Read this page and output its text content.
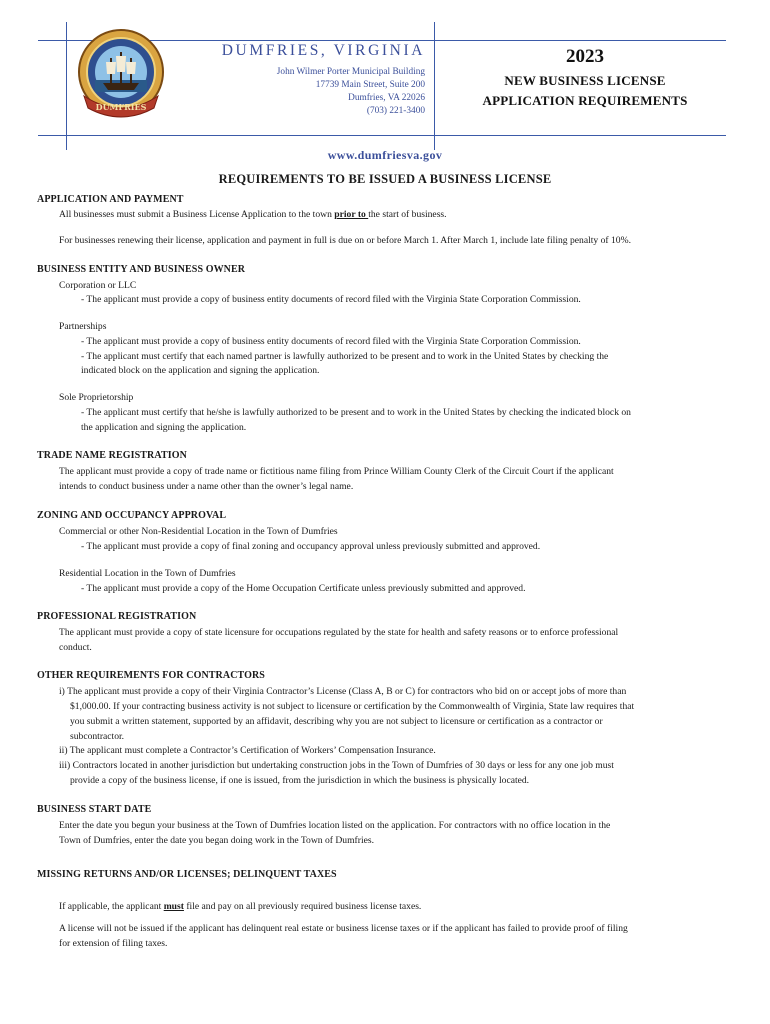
DUMFRIES
DUMFRIES, VIRGINIA
John Wilmer Porter Municipal Building
17739 Main Street, Suite 200
Dumfries, VA 22026
(703) 221-3400
2023
NEW BUSINESS LICENSE
APPLICATION REQUIREMENTS
www.dumfriesva.gov
REQUIREMENTS TO BE ISSUED A BUSINESS LICENSE
APPLICATION AND PAYMENT
All businesses must submit a Business License Application to the town prior to the start of business.
For businesses renewing their license, application and payment in full is due on or before March 1. After March 1, include late filing penalty of 10%.
BUSINESS ENTITY AND BUSINESS OWNER
Corporation or LLC
- The applicant must provide a copy of business entity documents of record filed with the Virginia State Corporation Commission.
Partnerships
- The applicant must provide a copy of business entity documents of record filed with the Virginia State Corporation Commission.
- The applicant must certify that each named partner is lawfully authorized to be present and to work in the United States by checking the
indicated block on the application and signing the application.
Sole Proprietorship
- The applicant must certify that he/she is lawfully authorized to be present and to work in the United States by checking the indicated block on
the application and signing the application.
TRADE NAME REGISTRATION
The applicant must provide a copy of trade name or fictitious name filing from Prince William County Clerk of the Circuit Court if the applicant
intends to conduct business under a name other than the owner’s legal name.
ZONING AND OCCUPANCY APPROVAL
Commercial or other Non-Residential Location in the Town of Dumfries
- The applicant must provide a copy of final zoning and occupancy approval unless previously submitted and approved.
Residential Location in the Town of Dumfries
- The applicant must provide a copy of the Home Occupation Certificate unless previously submitted and approved.
PROFESSIONAL REGISTRATION
The applicant must provide a copy of state licensure for occupations regulated by the state for health and safety reasons or to enforce professional
conduct.
OTHER REQUIREMENTS FOR CONTRACTORS
i) The applicant must provide a copy of their Virginia Contractor’s License (Class A, B or C) for contractors who bid on or accept jobs of more than
$1,000.00. If your contracting business activity is not subject to licensure or certification by the Commonwealth of Virginia, State law requires that
you submit a written statement, supported by an affidavit, describing why you are not subject to licensure or certification as a contractor or
subcontractor.
ii) The applicant must complete a Contractor’s Certification of Workers’ Compensation Insurance.
iii) Contractors located in another jurisdiction but undertaking construction jobs in the Town of Dumfries of 30 days or less for any one job must
provide a copy of the business license, if one is issued, from the jurisdiction in which the business is physically located.
BUSINESS START DATE
Enter the date you begun your business at the Town of Dumfries location listed on the application. For contractors with no office location in the
Town of Dumfries, enter the date you began doing work in the Town of Dumfries.
MISSING RETURNS AND/OR LICENSES; DELINQUENT TAXES
If applicable, the applicant must file and pay on all previously required business license taxes.
A license will not be issued if the applicant has delinquent real estate or business license taxes or if the applicant has failed to provide proof of filing
for extension of filing taxes.
